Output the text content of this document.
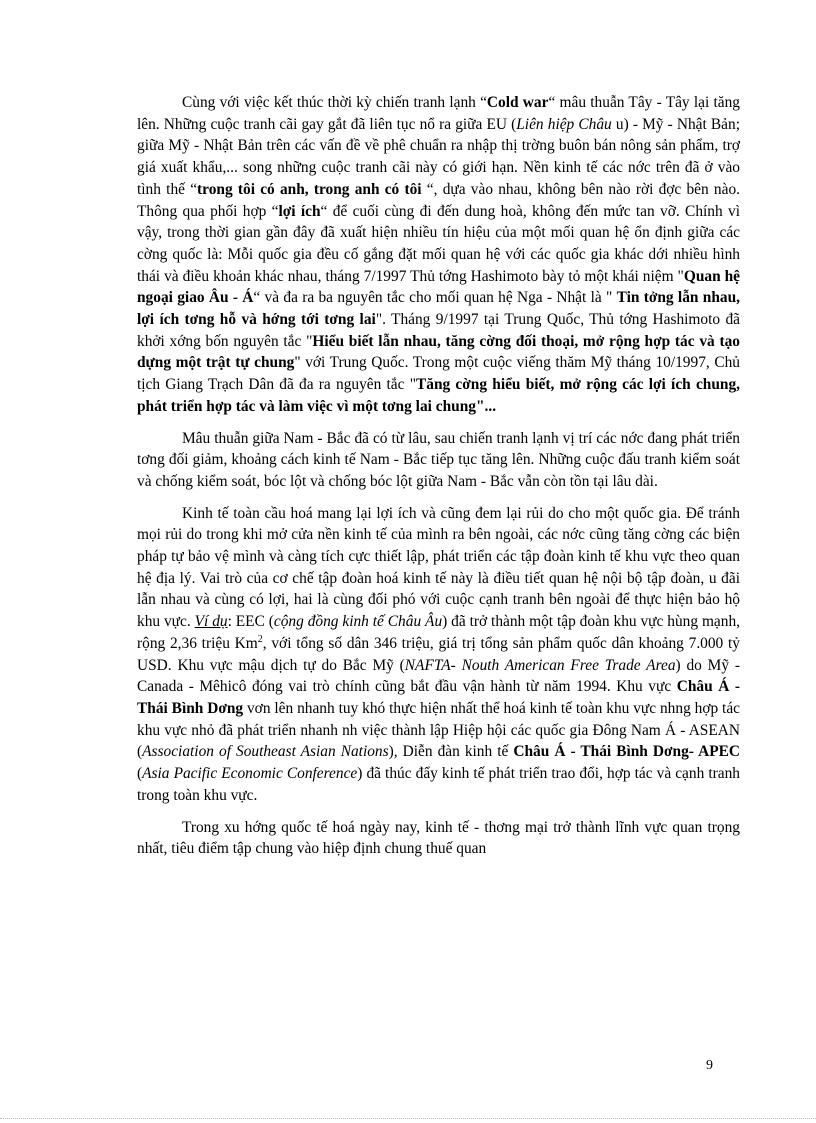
Cùng với việc kết thúc thời kỳ chiến tranh lạnh “Cold war“ mâu thuẫn Tây - Tây lại tăng lên. Những cuộc tranh cãi gay gắt đã liên tục nổ ra giữa EU (Liên hiệp Châu u) - Mỹ - Nhật Bản; giữa Mỹ - Nhật Bản trên các vấn đề về phê chuẩn ra nhập thị trờng buôn bán nông sản phẩm, trợ giá xuất khẩu,... song những cuộc tranh cãi này có giới hạn. Nền kinh tế các nớc trên đã ở vào tình thế “trong tôi có anh, trong anh có tôi “, dựa vào nhau, không bên nào rời đợc bên nào. Thông qua phối hợp “lợi ích“ để cuối cùng đi đến dung hoà, không đến mức tan vỡ. Chính vì vậy, trong thời gian gần đây đã xuất hiện nhiều tín hiệu của một mối quan hệ ổn định giữa các cờng quốc là: Mỗi quốc gia đều cố gắng đặt mối quan hệ với các quốc gia khác dới nhiều hình thái và điều khoản khác nhau, tháng 7/1997 Thủ tớng Hashimoto bày tỏ một khái niệm "Quan hệ ngoại giao Âu - Á“ và đa ra ba nguyên tắc cho mối quan hệ Nga - Nhật là " Tin tởng lẫn nhau, lợi ích tơng hỗ và hớng tới tơng lai". Tháng 9/1997 tại Trung Quốc, Thủ tớng Hashimoto đã khởi xớng bốn nguyên tắc "Hiểu biết lẫn nhau, tăng cờng đối thoại, mở rộng hợp tác và tạo dựng một trật tự chung" với Trung Quốc. Trong một cuộc viếng thăm Mỹ tháng 10/1997, Chủ tịch Giang Trạch Dân đã đa ra nguyên tắc "Tăng cờng hiểu biết, mở rộng các lợi ích chung, phát triển hợp tác và làm việc vì một tơng lai chung"...

Mâu thuẫn giữa Nam - Bắc đã có từ lâu, sau chiến tranh lạnh vị trí các nớc đang phát triển tơng đối giảm, khoảng cách kinh tế Nam - Bắc tiếp tục tăng lên. Những cuộc đấu tranh kiểm soát và chống kiểm soát, bóc lột và chống bóc lột giữa Nam - Bắc vẫn còn tồn tại lâu dài.

Kinh tế toàn cầu hoá mang lại lợi ích và cũng đem lại rủi do cho một quốc gia. Để tránh mọi rủi do trong khi mở cửa nền kinh tế của mình ra bên ngoài, các nớc cũng tăng cờng các biện pháp tự bảo vệ mình và càng tích cực thiết lập, phát triển các tập đoàn kinh tế khu vực theo quan hệ địa lý. Vai trò của cơ chế tập đoàn hoá kinh tế này là điều tiết quan hệ nội bộ tập đoàn, u đãi lẫn nhau và cùng có lợi, hai là cùng đối phó với cuộc cạnh tranh bên ngoài để thực hiện bảo hộ khu vực. Ví dụ: EEC (cộng đồng kinh tế Châu Âu) đã trở thành một tập đoàn khu vực hùng mạnh, rộng 2,36 triệu Km$^2$, với tổng số dân 346 triệu, giá trị tổng sản phẩm quốc dân khoảng 7.000 tỷ USD. Khu vực mậu dịch tự do Bắc Mỹ (NAFTA- Nouth American Free Trade Area) do Mỹ - Canada - Mêhicô đóng vai trò chính cũng bắt đầu vận hành từ năm 1994. Khu vực Châu Á - Thái Bình Dơng vơn lên nhanh tuy khó thực hiện nhất thể hoá kinh tế toàn khu vực nhng hợp tác khu vực nhỏ đã phát triển nhanh nh việc thành lập Hiệp hội các quốc gia Đông Nam Á - ASEAN (Association of Southeast Asian Nations), Diễn đàn kinh tế Châu Á - Thái Bình Dơng- APEC (Asia Pacific Economic Conference) đã thúc đẩy kinh tế phát triển trao đổi, hợp tác và cạnh tranh trong toàn khu vực.

Trong xu hớng quốc tế hoá ngày nay, kinh tế - thơng mại trở thành lĩnh vực quan trọng nhất, tiêu điểm tập chung vào hiệp định chung thuế quan

9
